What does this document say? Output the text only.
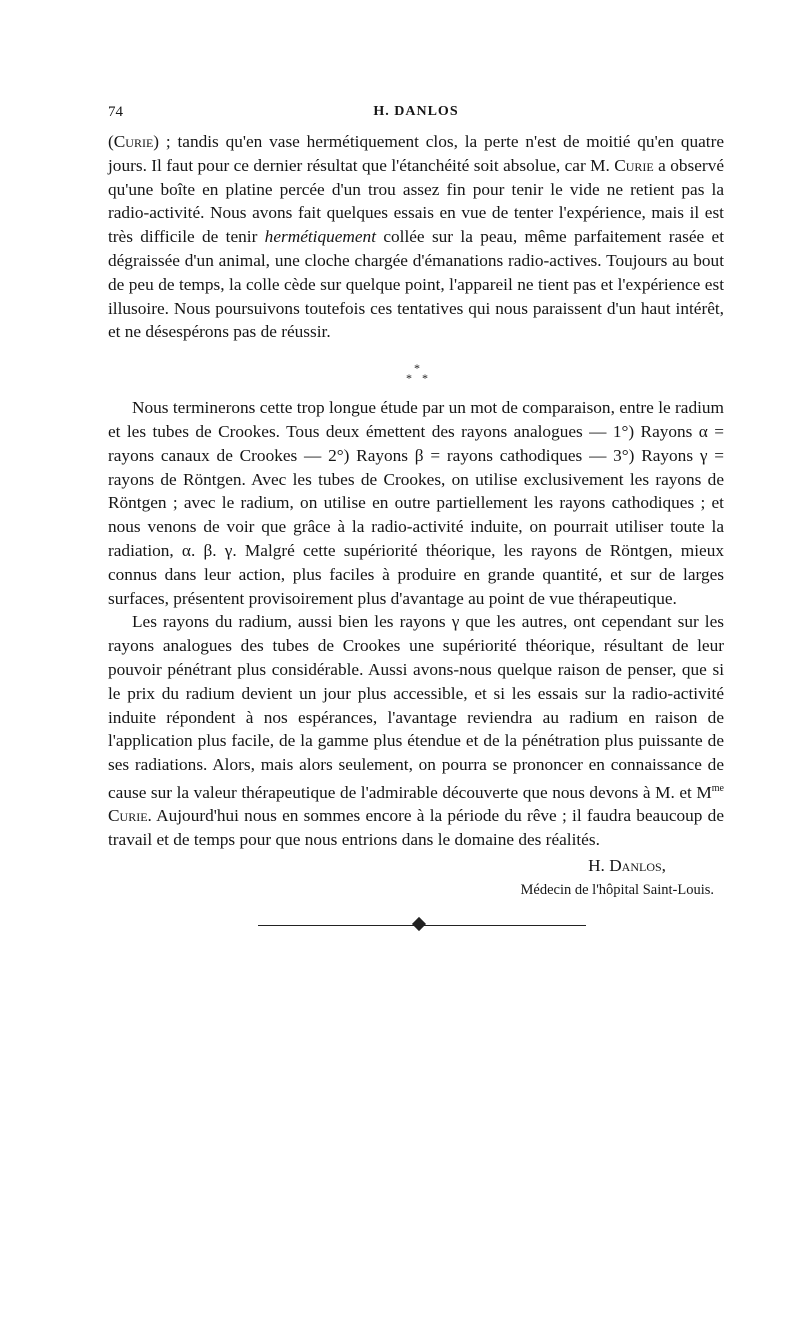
74	H. DANLOS

(Curie) ; tandis qu'en vase hermétiquement clos, la perte n'est de moitié qu'en quatre jours. Il faut pour ce dernier résultat que l'étanchéité soit absolue, car M. Curie a observé qu'une boîte en platine percée d'un trou assez fin pour tenir le vide ne retient pas la radio-activité. Nous avons fait quelques essais en vue de tenter l'expérience, mais il est très difficile de tenir hermétiquement collée sur la peau, même parfaitement rasée et dégraissée d'un animal, une cloche chargée d'émanations radio-actives. Toujours au bout de peu de temps, la colle cède sur quelque point, l'appareil ne tient pas et l'expérience est illusoire. Nous poursuivons toutefois ces tentatives qui nous paraissent d'un haut intérêt, et ne désespérons pas de réussir.

*
* *

Nous terminerons cette trop longue étude par un mot de comparaison, entre le radium et les tubes de Crookes. Tous deux émettent des rayons analogues — 1°) Rayons α = rayons canaux de Crookes — 2°) Rayons β = rayons cathodiques — 3°) Rayons γ = rayons de Röntgen. Avec les tubes de Crookes, on utilise exclusivement les rayons de Röntgen ; avec le radium, on utilise en outre partiellement les rayons cathodiques ; et nous venons de voir que grâce à la radio-activité induite, on pourrait utiliser toute la radiation, α. β. γ. Malgré cette supériorité théorique, les rayons de Röntgen, mieux connus dans leur action, plus faciles à produire en grande quantité, et sur de larges surfaces, présentent provisoirement plus d'avantage au point de vue thérapeutique.

Les rayons du radium, aussi bien les rayons γ que les autres, ont cependant sur les rayons analogues des tubes de Crookes une supériorité théorique, résultant de leur pouvoir pénétrant plus considérable. Aussi avons-nous quelque raison de penser, que si le prix du radium devient un jour plus accessible, et si les essais sur la radio-activité induite répondent à nos espérances, l'avantage reviendra au radium en raison de l'application plus facile, de la gamme plus étendue et de la pénétration plus puissante de ses radiations. Alors, mais alors seulement, on pourra se prononcer en connaissance de cause sur la valeur thérapeutique de l'admirable découverte que nous devons à M. et $M^{me}$ Curie. Aujourd'hui nous en sommes encore à la période du rêve ; il faudra beaucoup de travail et de temps pour que nous entrions dans le domaine des réalités.

H. Danlos,
Médecin de l'hôpital Saint-Louis.
